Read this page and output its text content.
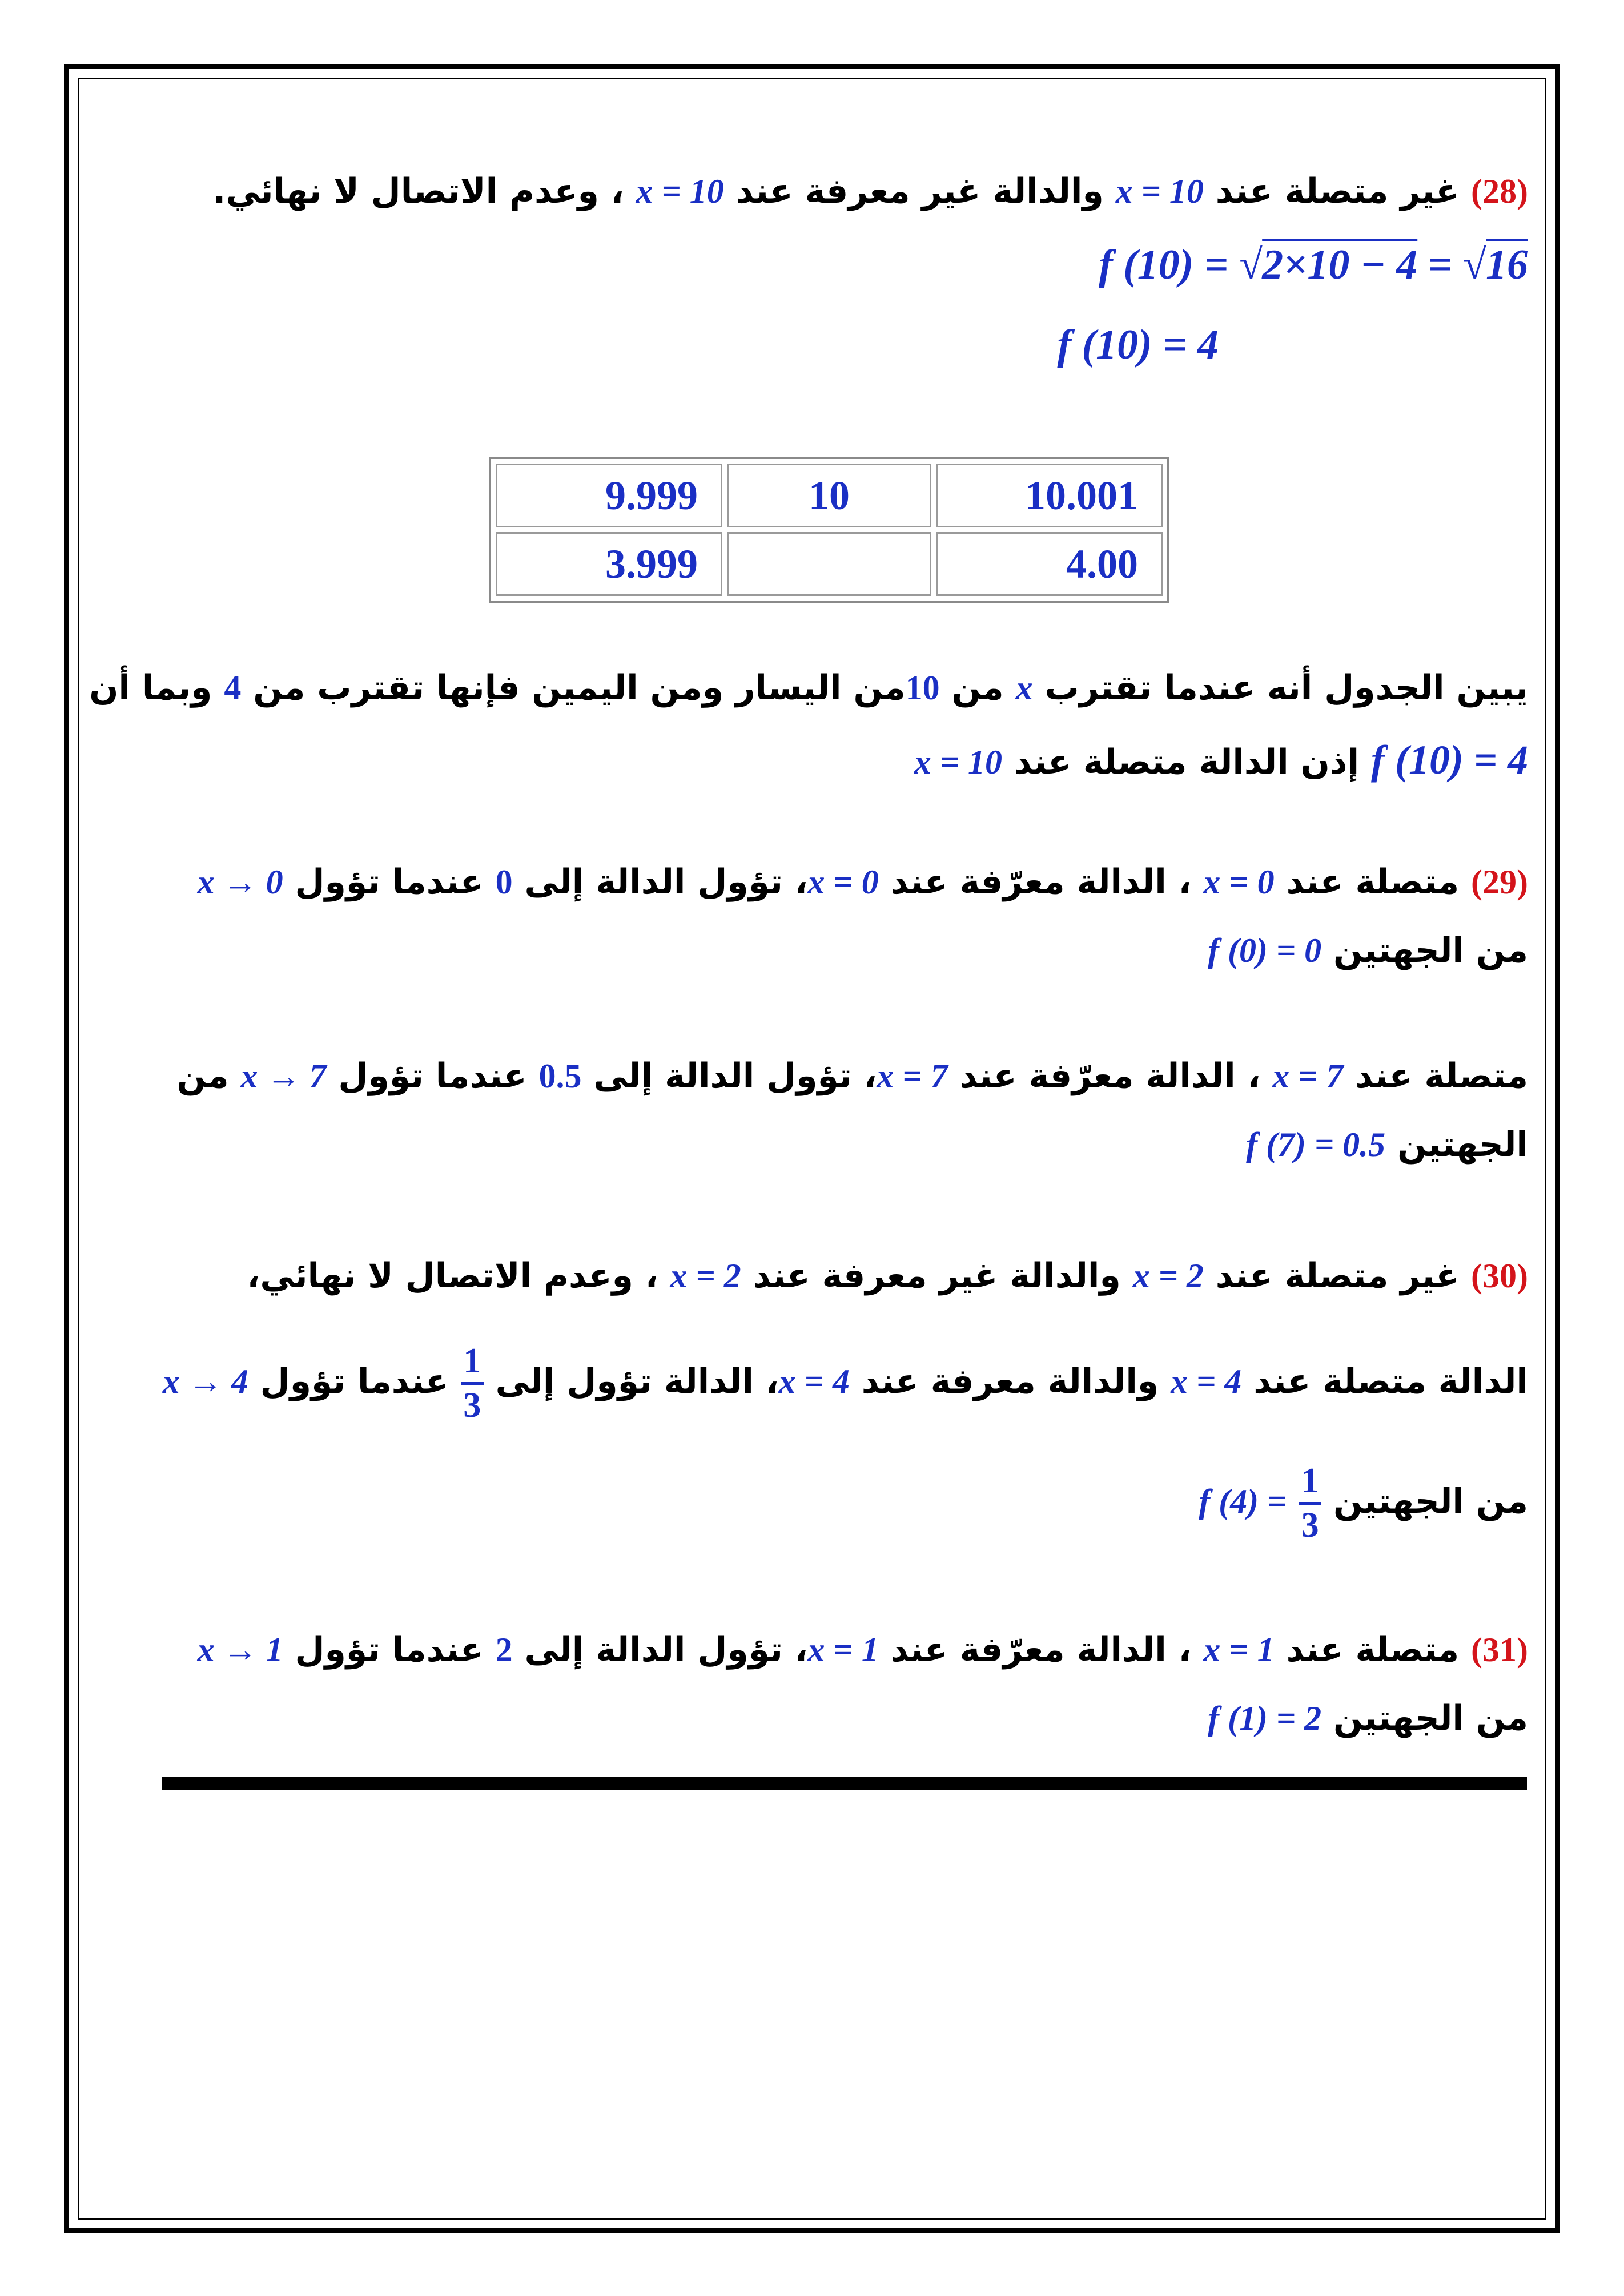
(28) غير متصلة عند x = 10 والدالة غير معرفة عند x = 10 ، وعدم الاتصال لا نهائي.
f (10) = √2×10 − 4 = √16
f (10) = 4
9.999	10	10.001
3.999		4.00
يبين الجدول أنه عندما تقترب x من 10من اليسار ومن اليمين فإنها تقترب من 4 وبما أن
f (10) = 4 إذن الدالة متصلة عند x = 10
(29) متصلة عند x = 0 ، الدالة معرّفة عند x = 0، تؤول الدالة إلى 0 عندما تؤول x → 0
من الجهتين f (0) = 0
متصلة عند x = 7 ، الدالة معرّفة عند x = 7، تؤول الدالة إلى 0.5 عندما تؤول x → 7 من
الجهتين f (7) = 0.5
(30) غير متصلة عند x = 2 والدالة غير معرفة عند x = 2 ، وعدم الاتصال لا نهائي،
الدالة متصلة عند x = 4 والدالة معرفة عند x = 4، الدالة تؤول إلى
1
3
عندما تؤول x → 4
من الجهتين f (4) =
1
3
(31) متصلة عند x = 1 ، الدالة معرّفة عند x = 1، تؤول الدالة إلى 2 عندما تؤول x → 1
من الجهتين f (1) = 2
